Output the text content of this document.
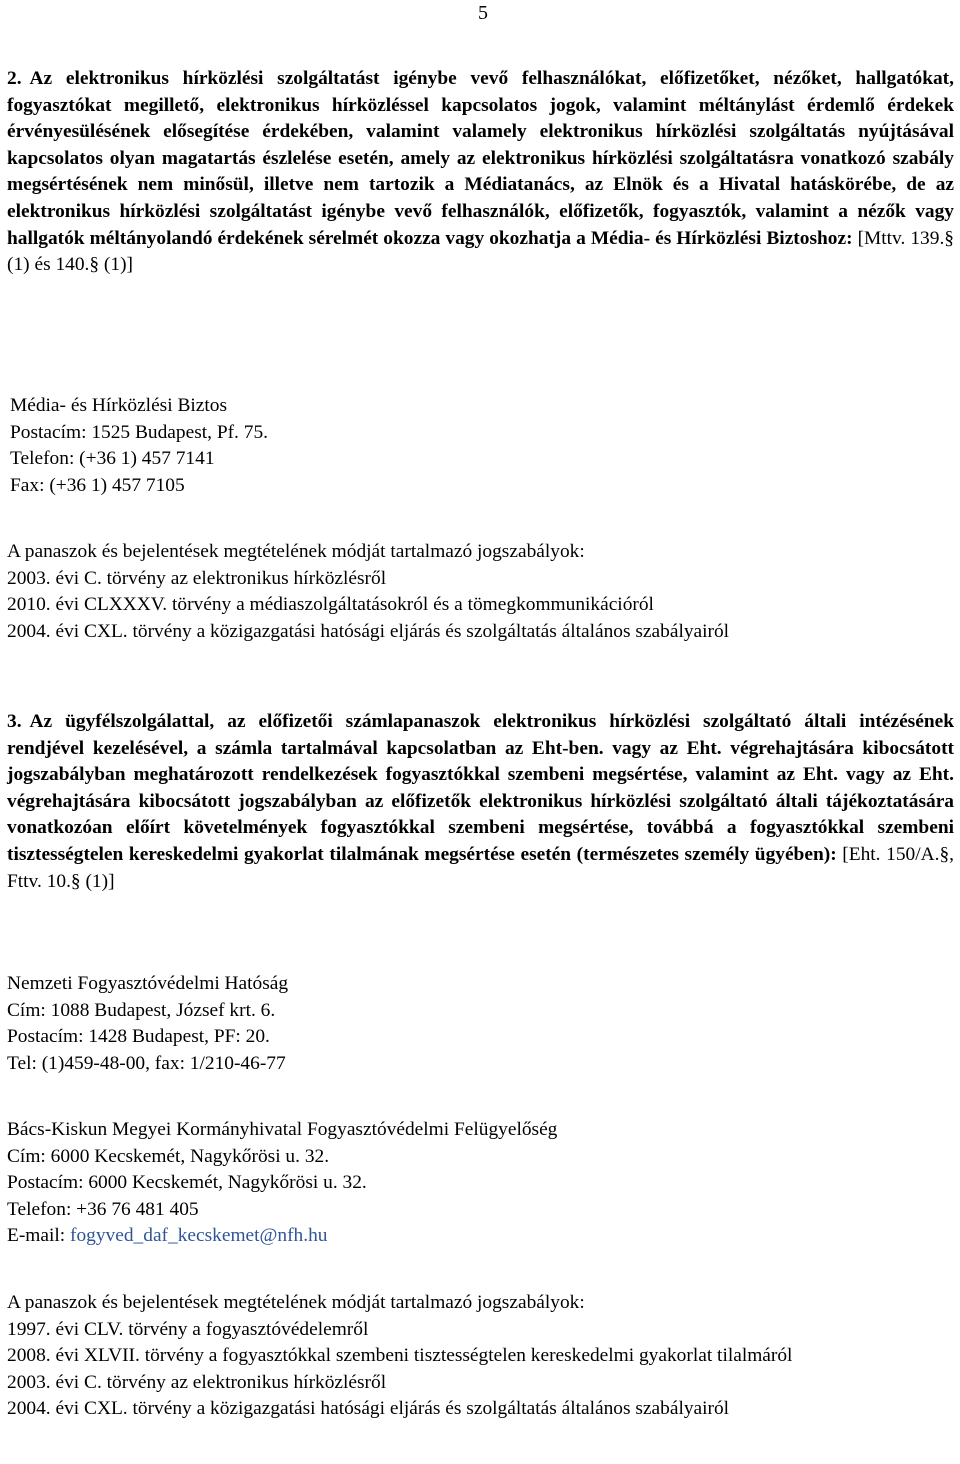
5

2. Az elektronikus hírközlési szolgáltatást igénybe vevő felhasználókat, előfizetőket, nézőket, hallgatókat, fogyasztókat megillető, elektronikus hírközléssel kapcsolatos jogok, valamint méltánylást érdemlő érdekek érvényesülésének elősegítése érdekében, valamint valamely elektronikus hírközlési szolgáltatás nyújtásával kapcsolatos olyan magatartás észlelése esetén, amely az elektronikus hírközlési szolgáltatásra vonatkozó szabály megsértésének nem minősül, illetve nem tartozik a Médiatanács, az Elnök és a Hivatal hatáskörébe, de az elektronikus hírközlési szolgáltatást igénybe vevő felhasználók, előfizetők, fogyasztók, valamint a nézők vagy hallgatók méltányolandó érdekének sérelmét okozza vagy okozhatja a Média- és Hírközlési Biztoshoz: [Mttv. 139.§ (1) és 140.§ (1)]

Média- és Hírközlési Biztos
Postacím: 1525 Budapest, Pf. 75.
Telefon: (+36 1) 457 7141
Fax: (+36 1) 457 7105
A panaszok és bejelentések megtételének módját tartalmazó jogszabályok:
2003. évi C. törvény az elektronikus hírközlésről
2010. évi CLXXXV. törvény a médiaszolgáltatásokról és a tömegkommunikációról
2004. évi CXL. törvény a közigazgatási hatósági eljárás és szolgáltatás általános szabályairól

3. Az ügyfélszolgálattal, az előfizetői számlapanaszok elektronikus hírközlési szolgáltató általi intézésének rendjével kezelésével, a számla tartalmával kapcsolatban az Eht-ben. vagy az Eht. végrehajtására kibocsátott jogszabályban meghatározott rendelkezések fogyasztókkal szembeni megsértése, valamint az Eht. vagy az Eht. végrehajtására kibocsátott jogszabályban az előfizetők elektronikus hírközlési szolgáltató általi tájékoztatására vonatkozóan előírt követelmények fogyasztókkal szembeni megsértése, továbbá a fogyasztókkal szembeni tisztességtelen kereskedelmi gyakorlat tilalmának megsértése esetén (természetes személy ügyében): [Eht. 150/A.§, Fttv. 10.§ (1)]

Nemzeti Fogyasztóvédelmi Hatóság
Cím: 1088 Budapest, József krt. 6.
Postacím: 1428 Budapest, PF: 20.
Tel: (1)459-48-00, fax: 1/210-46-77
Bács-Kiskun Megyei Kormányhivatal Fogyasztóvédelmi Felügyelőség
Cím: 6000 Kecskemét, Nagykőrösi u. 32.
Postacím: 6000 Kecskemét, Nagykőrösi u. 32.
Telefon: +36 76 481 405
E-mail: fogyved_daf_kecskemet@nfh.hu
A panaszok és bejelentések megtételének módját tartalmazó jogszabályok:
1997. évi CLV. törvény a fogyasztóvédelemről
2008. évi XLVII. törvény a fogyasztókkal szembeni tisztességtelen kereskedelmi gyakorlat tilalmáról
2003. évi C. törvény az elektronikus hírközlésről
2004. évi CXL. törvény a közigazgatási hatósági eljárás és szolgáltatás általános szabályairól
